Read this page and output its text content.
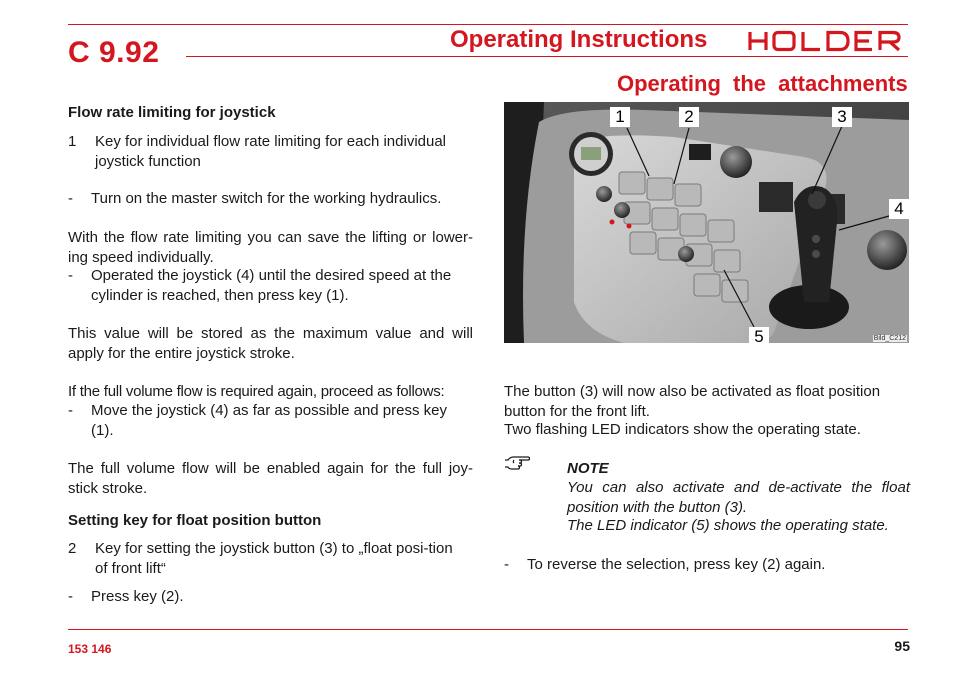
C 9.92	Operating Instructions
Operating the attachments
Flow rate limiting for joystick
1	Key for individual flow rate limiting for each individual joystick function
- Turn on the master switch for the working hydraulics.
With the flow rate limiting you can save the lifting or lower-ing speed individually.
- Operated the joystick (4) until the desired speed at the cylinder is reached, then press key (1).
This value will be stored as the maximum value and will apply for the entire joystick stroke.
If the full volume flow is required again, proceed as follows:
- Move the joystick (4) as far as possible and press key (1).
The full volume flow will be enabled again for the full joy-stick stroke.
Setting key for float position button
2	Key for setting the joystick button (3) to „float posi-tion of front lift“
- Press key (2).
1	2	3
4
5	Bild_C212
The button (3) will now also be activated as float position button for the front lift.
Two flashing LED indicators show the operating state.
NOTE
You can also activate and de-activate the float position with the button (3).
The LED indicator (5) shows the operating state.
- To reverse the selection, press key (2) again.
153 146	95
